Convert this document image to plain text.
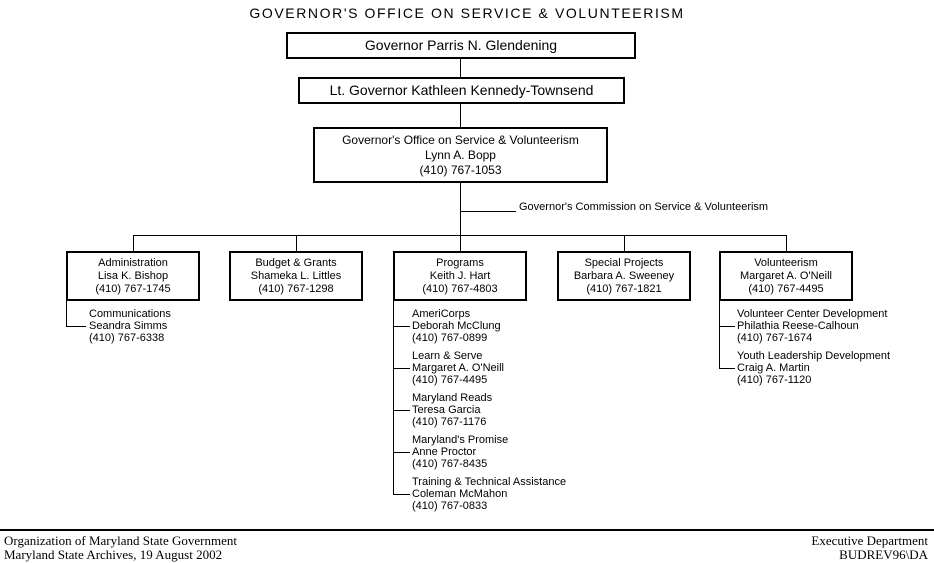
GOVERNOR'S OFFICE ON SERVICE & VOLUNTEERISM
Governor Parris N. Glendening
Lt. Governor Kathleen Kennedy-Townsend
Governor's Office on Service & Volunteerism
Lynn A. Bopp
(410) 767-1053
Governor's Commission on Service & Volunteerism
Administration
Lisa K. Bishop
(410) 767-1745
Budget & Grants
Shameka L. Littles
(410) 767-1298
Programs
Keith J. Hart
(410) 767-4803
Special Projects
Barbara A. Sweeney
(410) 767-1821
Volunteerism
Margaret A. O'Neill
(410) 767-4495
Communications
Seandra Simms
(410) 767-6338
AmeriCorps
Deborah McClung
(410) 767-0899
Learn & Serve
Margaret A. O'Neill
(410) 767-4495
Maryland Reads
Teresa Garcia
(410) 767-1176
Maryland's Promise
Anne Proctor
(410) 767-8435
Training & Technical Assistance
Coleman McMahon
(410) 767-0833
Volunteer Center Development
Philathia Reese-Calhoun
(410) 767-1674
Youth Leadership Development
Craig A. Martin
(410) 767-1120
Organization of Maryland State Government
Maryland State Archives, 19 August 2002
Executive Department
BUDREV96\DA
